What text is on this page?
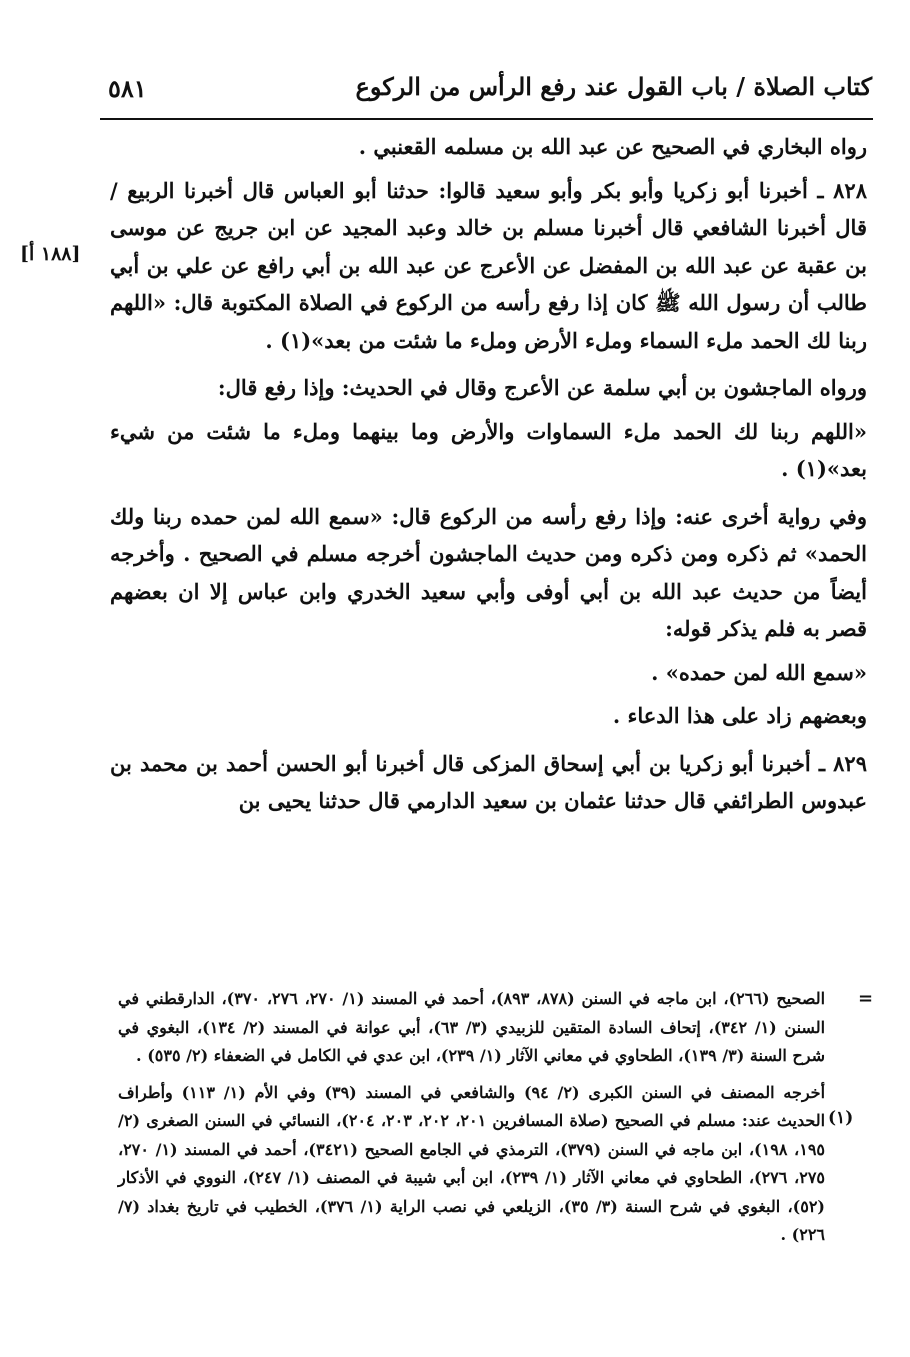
كتاب الصلاة / باب القول عند رفع الرأس من الركوع
٥٨١
[١٨٨ أ]

رواه البخاري في الصحيح عن عبد الله بن مسلمه القعنبي .

٨٢٨ ـ أخبرنا أبو زكريا وأبو بكر وأبو سعيد قالوا: حدثنا أبو العباس قال أخبرنا الربيع / قال أخبرنا الشافعي قال أخبرنا مسلم بن خالد وعبد المجيد عن ابن جريج عن موسى بن عقبة عن عبد الله بن المفضل عن الأعرج عن عبد الله بن أبي رافع عن علي بن أبي طالب أن رسول الله ﷺ كان إذا رفع رأسه من الركوع في الصلاة المكتوبة قال: «اللهم ربنا لك الحمد ملء السماء وملء الأرض وملء ما شئت من بعد»(١) .

ورواه الماجشون بن أبي سلمة عن الأعرج وقال في الحديث: وإذا رفع قال:

«اللهم ربنا لك الحمد ملء السماوات والأرض وما بينهما وملء ما شئت من شيء بعد»(١) .

وفي رواية أخرى عنه: وإذا رفع رأسه من الركوع قال: «سمع الله لمن حمده ربنا ولك الحمد» ثم ذكره ومن ذكره ومن حديث الماجشون أخرجه مسلم في الصحيح . وأخرجه أيضاً من حديث عبد الله بن أبي أوفى وأبي سعيد الخدري وابن عباس إلا ان بعضهم قصر به فلم يذكر قوله:

«سمع الله لمن حمده» .

وبعضهم زاد على هذا الدعاء .

٨٢٩ ـ أخبرنا أبو زكريا بن أبي إسحاق المزكى قال أخبرنا أبو الحسن أحمد بن محمد بن عبدوس الطرائفي قال حدثنا عثمان بن سعيد الدارمي قال حدثنا يحيى بن

=
(١)

الصحيح (٢٦٦)، ابن ماجه في السنن (٨٧٨، ٨٩٣)، أحمد في المسند (١/ ٢٧٠، ٢٧٦، ٣٧٠)، الدارقطني في السنن (١/ ٣٤٢)، إتحاف السادة المتقين للزبيدي (٣/ ٦٣)، أبي عوانة في المسند (٢/ ١٣٤)، البغوي في شرح السنة (٣/ ١٣٩)، الطحاوي في معاني الآثار (١/ ٢٣٩)، ابن عدي في الكامل في الضعفاء (٢/ ٥٣٥) .

أخرجه المصنف في السنن الكبرى (٢/ ٩٤) والشافعي في المسند (٣٩) وفي الأم (١/ ١١٣) وأطراف الحديث عند: مسلم في الصحيح (صلاة المسافرين ٢٠١، ٢٠٢، ٢٠٣، ٢٠٤)، النسائي في السنن الصغرى (٢/ ١٩٥، ١٩٨)، ابن ماجه في السنن (٣٧٩)، الترمذي في الجامع الصحيح (٣٤٢١)، أحمد في المسند (١/ ٢٧٠، ٢٧٥، ٢٧٦)، الطحاوي في معاني الآثار (١/ ٢٣٩)، ابن أبي شيبة في المصنف (١/ ٢٤٧)، النووي في الأذكار (٥٢)، البغوي في شرح السنة (٣/ ٣٥)، الزيلعي في نصب الراية (١/ ٣٧٦)، الخطيب في تاريخ بغداد (٧/ ٢٢٦) .
